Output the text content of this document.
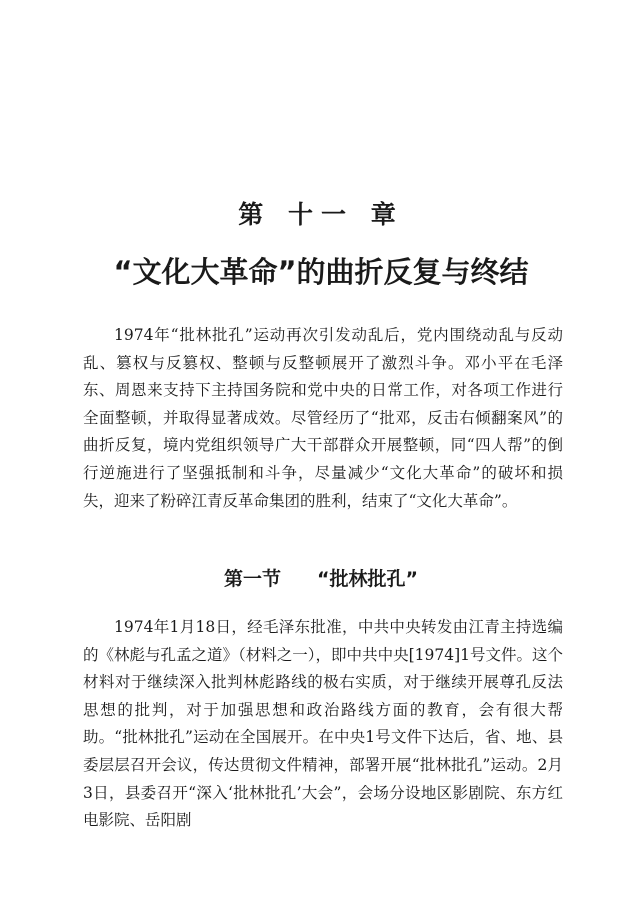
第 十一 章
“文化大革命”的曲折反复与终结

1974年“批林批孔”运动再次引发动乱后，党内围绕动乱与反动乱、篡权与反篡权、整顿与反整顿展开了激烈斗争。邓小平在毛泽东、周恩来支持下主持国务院和党中央的日常工作，对各项工作进行全面整顿，并取得显著成效。尽管经历了“批邓，反击右倾翻案风”的曲折反复，境内党组织领导广大干部群众开展整顿，同“四人帮”的倒行逆施进行了坚强抵制和斗争，尽量减少“文化大革命”的破坏和损失，迎来了粉碎江青反革命集团的胜利，结束了“文化大革命”。

第一节 “批林批孔”

1974年1月18日，经毛泽东批准，中共中央转发由江青主持选编的《林彪与孔孟之道》（材料之一），即中共中央[1974]1号文件。这个材料对于继续深入批判林彪路线的极右实质，对于继续开展尊孔反法思想的批判，对于加强思想和政治路线方面的教育，会有很大帮助。“批林批孔”运动在全国展开。在中央1号文件下达后，省、地、县委层层召开会议，传达贯彻文件精神，部署开展“批林批孔”运动。2月3日，县委召开“深入‘批林批孔’大会”，会场分设地区影剧院、东方红电影院、岳阳剧
